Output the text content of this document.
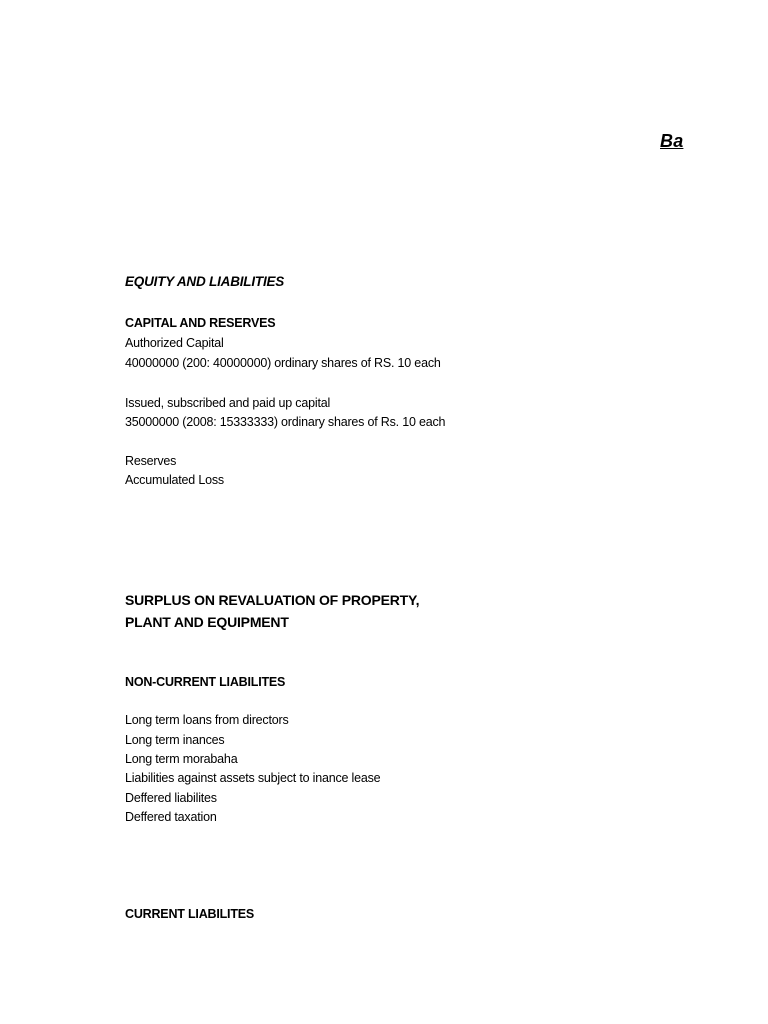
Ba
EQUITY AND LIABILITIES
CAPITAL AND RESERVES
Authorized Capital
40000000 (200: 40000000) ordinary shares of RS. 10 each
Issued, subscribed and paid up capital
35000000 (2008: 15333333) ordinary shares of Rs. 10 each
Reserves
Accumulated Loss
SURPLUS ON REVALUATION OF PROPERTY,
PLANT AND EQUIPMENT
NON-CURRENT LIABILITES
Long term loans from directors
Long term inances
Long term morabaha
Liabilities against assets subject to inance lease
Deffered liabilites
Deffered taxation
CURRENT LIABILITES
